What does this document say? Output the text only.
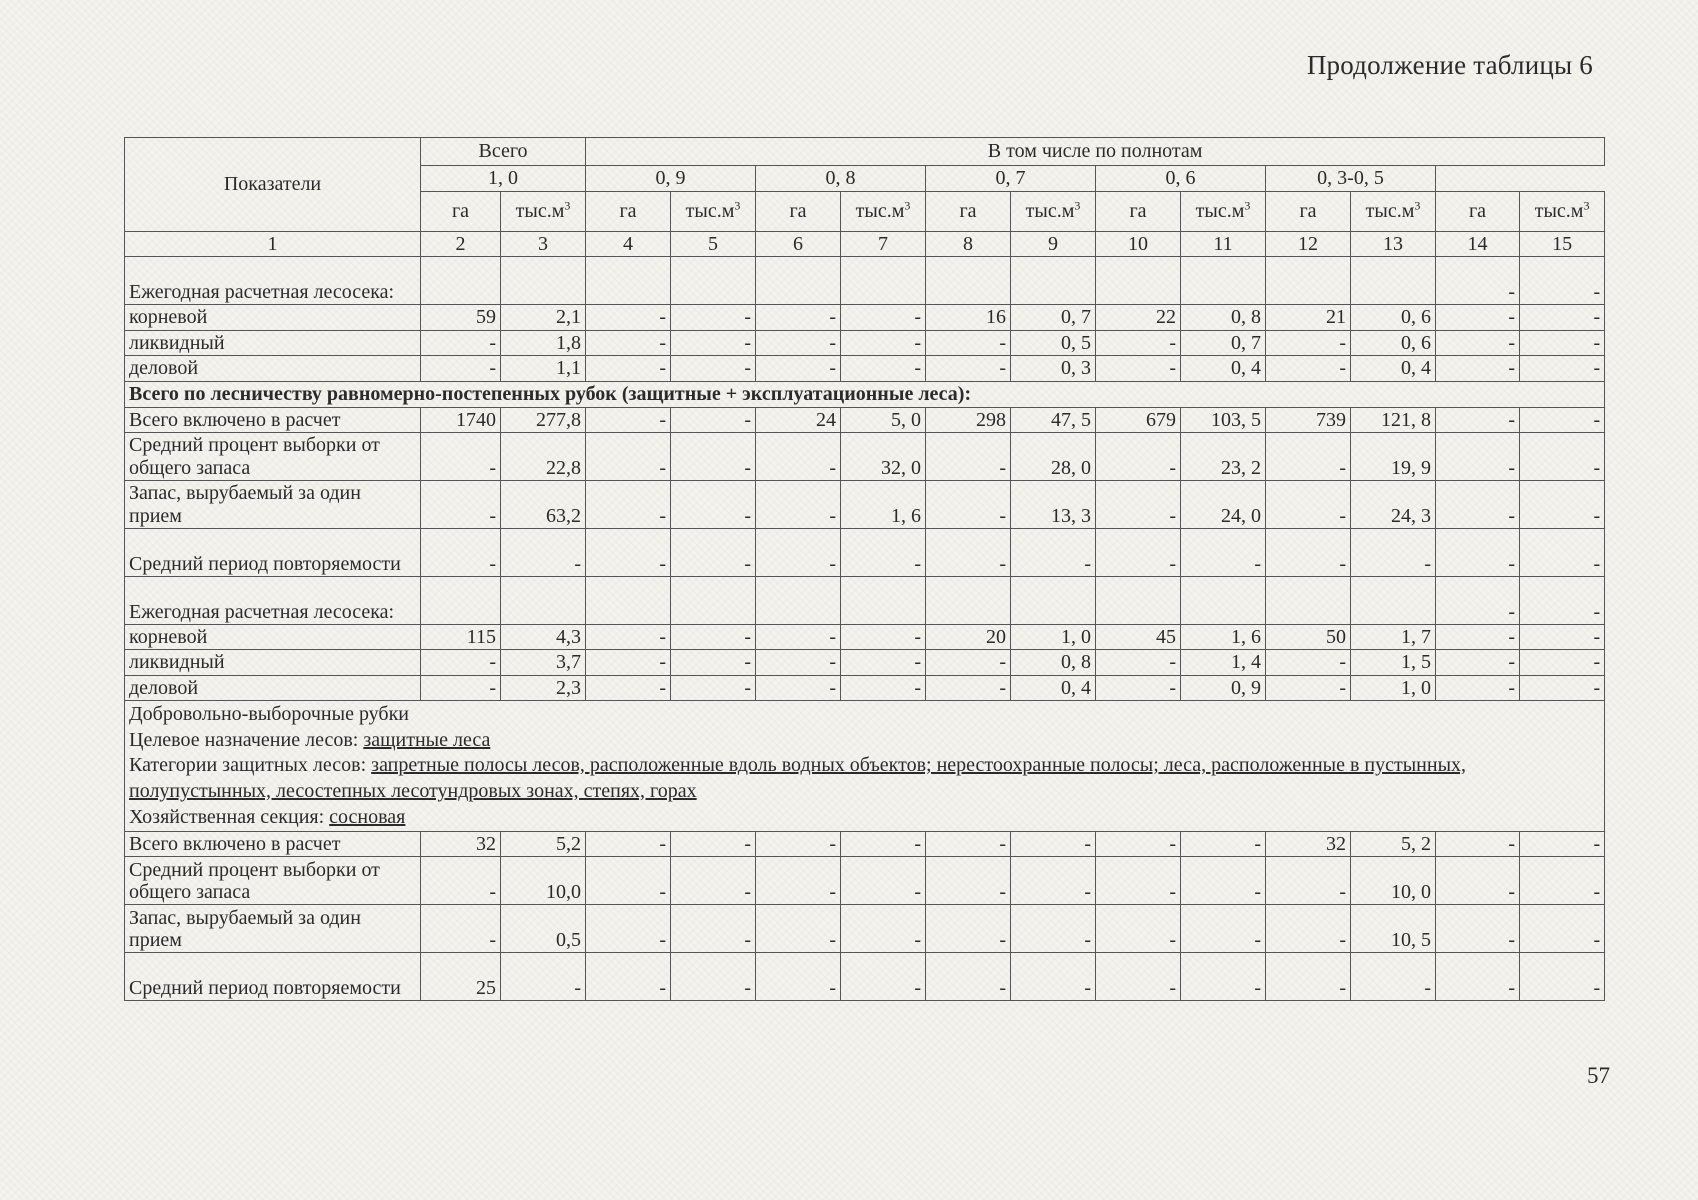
Продолжение таблицы 6
Показатели	Всего		В том числе по полнотам											
	1, 0		0, 9		0, 8		0, 7		0, 6		0, 3-0, 5			
	га	$тыс.м^3$	га	$тыс.м^3$	га	$тыс.м^3$	га	$тыс.м^3$	га	$тыс.м^3$	га	$тыс.м^3$	га	$тыс.м^3$
1	2	3	4	5	6	7	8	9	10	11	12	13	14	15
Ежегодная расчетная лесосека:													-	-
корневой	59	2,1	-	-	-	-	16	0, 7	22	0, 8	21	0, 6	-	-
ликвидный	-	1,8	-	-	-	-	-	0, 5	-	0, 7	-	0, 6	-	-
деловой	-	1,1	-	-	-	-	-	0, 3	-	0, 4	-	0, 4	-	-
Всего по лесничеству равномерно-постепенных рубок (защитные + эксплуатационные леса):														
Всего включено в расчет	1740	277,8	-	-	24	5, 0	298	47, 5	679	103, 5	739	121, 8	-	-
Средний процент выборки от общего запаса	-	22,8	-	-	-	32, 0	-	28, 0	-	23, 2	-	19, 9	-	-
Запас, вырубаемый за один прием	-	63,2	-	-	-	1, 6	-	13, 3	-	24, 0	-	24, 3	-	-
Средний период повторяемости	-	-	-	-	-	-	-	-	-	-	-	-	-	-
Ежегодная расчетная лесосека:													-	-
корневой	115	4,3	-	-	-	-	20	1, 0	45	1, 6	50	1, 7	-	-
ликвидный	-	3,7	-	-	-	-	-	0, 8	-	1, 4	-	1, 5	-	-
деловой	-	2,3	-	-	-	-	-	0, 4	-	0, 9	-	1, 0	-	-

Добровольно-выборочные рубки
Целевое назначение лесов: защитные леса
Категории защитных лесов: запретные полосы лесов, расположенные вдоль водных объектов; нерестоохранные полосы; леса, расположенные в пустынных, полупустынных, лесостепных лесотундровых зонах, степях, горах
Хозяйственная секция: сосновая														

Всего включено в расчет	32	5,2	-	-	-	-	-	-	-	-	32	5, 2	-	-
Средний процент выборки от общего запаса	-	10,0	-	-	-	-	-	-	-	-	-	10, 0	-	-
Запас, вырубаемый за один прием	-	0,5	-	-	-	-	-	-	-	-	-	10, 5	-	-
Средний период повторяемости	25	-	-	-	-	-	-	-	-	-	-	-	-	-
57
